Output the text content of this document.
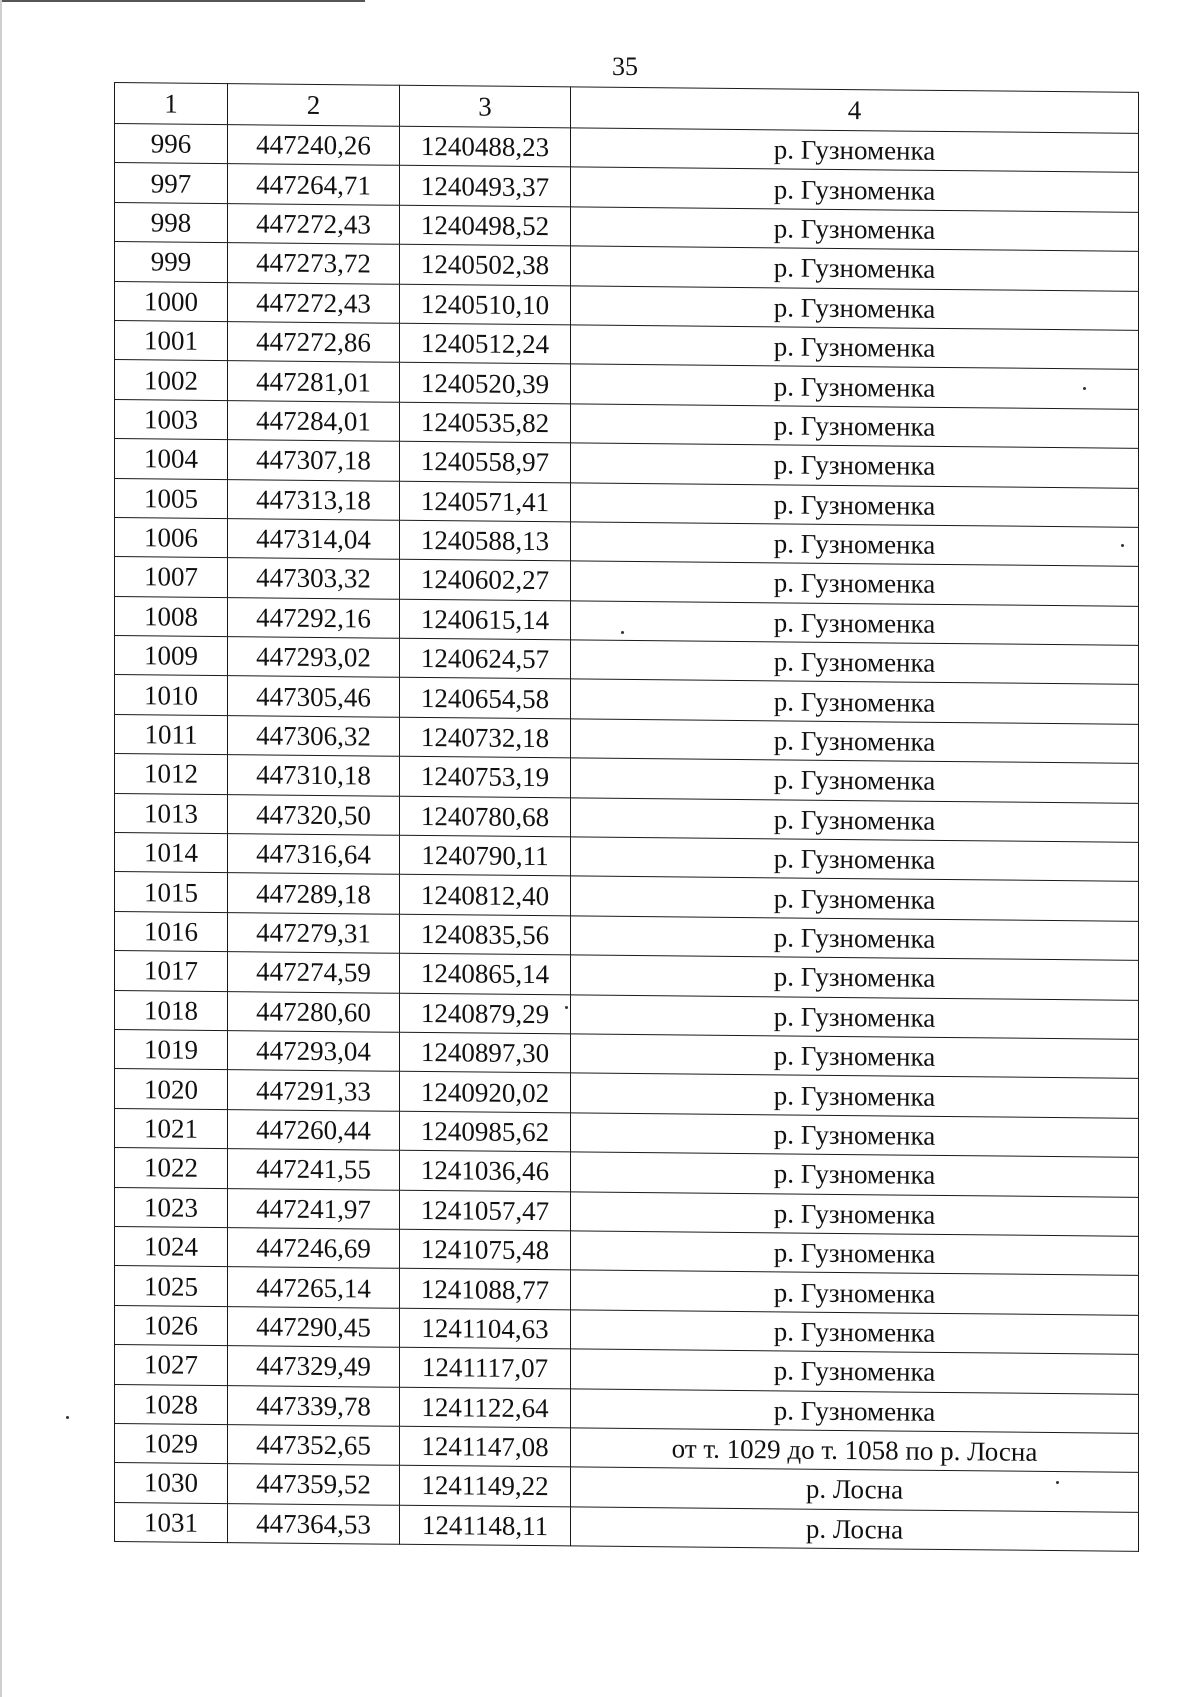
35
1	2	3	4
996	447240,26	1240488,23	р. Гузноменка
997	447264,71	1240493,37	р. Гузноменка
998	447272,43	1240498,52	р. Гузноменка
999	447273,72	1240502,38	р. Гузноменка
1000	447272,43	1240510,10	р. Гузноменка
1001	447272,86	1240512,24	р. Гузноменка
1002	447281,01	1240520,39	р. Гузноменка
1003	447284,01	1240535,82	р. Гузноменка
1004	447307,18	1240558,97	р. Гузноменка
1005	447313,18	1240571,41	р. Гузноменка
1006	447314,04	1240588,13	р. Гузноменка
1007	447303,32	1240602,27	р. Гузноменка
1008	447292,16	1240615,14	р. Гузноменка
1009	447293,02	1240624,57	р. Гузноменка
1010	447305,46	1240654,58	р. Гузноменка
1011	447306,32	1240732,18	р. Гузноменка
1012	447310,18	1240753,19	р. Гузноменка
1013	447320,50	1240780,68	р. Гузноменка
1014	447316,64	1240790,11	р. Гузноменка
1015	447289,18	1240812,40	р. Гузноменка
1016	447279,31	1240835,56	р. Гузноменка
1017	447274,59	1240865,14	р. Гузноменка
1018	447280,60	1240879,29	р. Гузноменка
1019	447293,04	1240897,30	р. Гузноменка
1020	447291,33	1240920,02	р. Гузноменка
1021	447260,44	1240985,62	р. Гузноменка
1022	447241,55	1241036,46	р. Гузноменка
1023	447241,97	1241057,47	р. Гузноменка
1024	447246,69	1241075,48	р. Гузноменка
1025	447265,14	1241088,77	р. Гузноменка
1026	447290,45	1241104,63	р. Гузноменка
1027	447329,49	1241117,07	р. Гузноменка
1028	447339,78	1241122,64	р. Гузноменка
1029	447352,65	1241147,08	от т. 1029 до т. 1058 по р. Лосна
1030	447359,52	1241149,22	р. Лосна
1031	447364,53	1241148,11	р. Лосна
